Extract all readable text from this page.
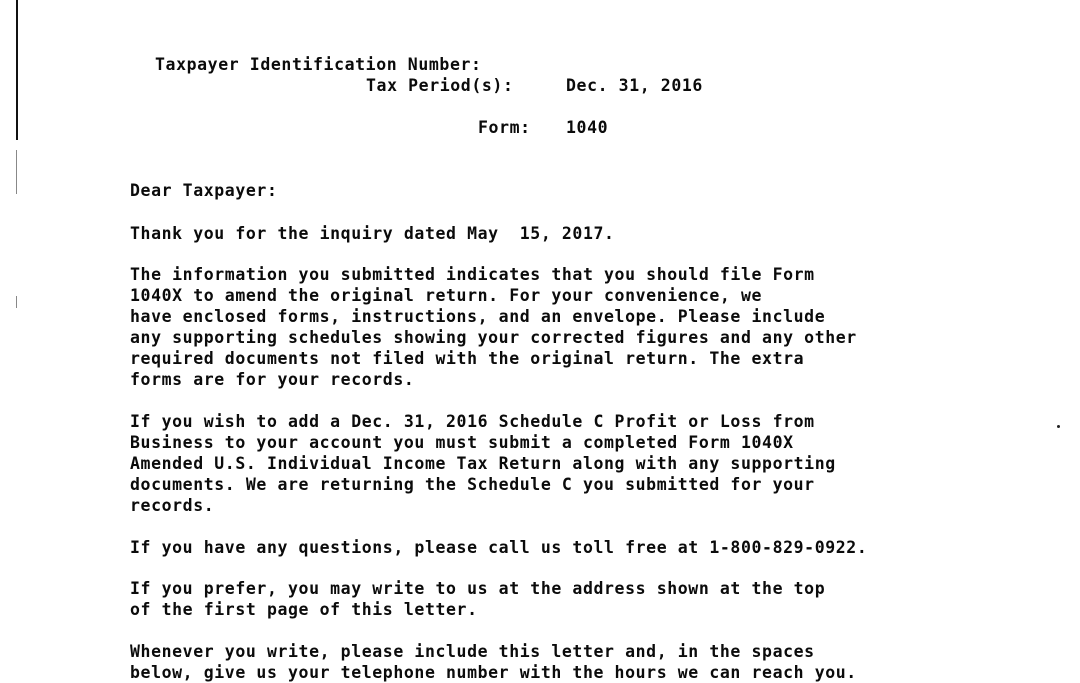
Taxpayer Identification Number:

Tax Period(s):	Dec. 31, 2016

Form: 1040

Dear Taxpayer:

Thank you for the inquiry dated May  15, 2017.

The information you submitted indicates that you should file Form

1040X to amend the original return. For your convenience, we

have enclosed forms, instructions, and an envelope. Please include

any supporting schedules showing your corrected figures and any other

required documents not filed with the original return. The extra

forms are for your records.

If you wish to add a Dec. 31, 2016 Schedule C Profit or Loss from

Business to your account you must submit a completed Form 1040X

Amended U.S. Individual Income Tax Return along with any supporting

documents. We are returning the Schedule C you submitted for your

records.

If you have any questions, please call us toll free at 1-800-829-0922.

If you prefer, you may write to us at the address shown at the top

of the first page of this letter.

Whenever you write, please include this letter and, in the spaces

below, give us your telephone number with the hours we can reach you.
